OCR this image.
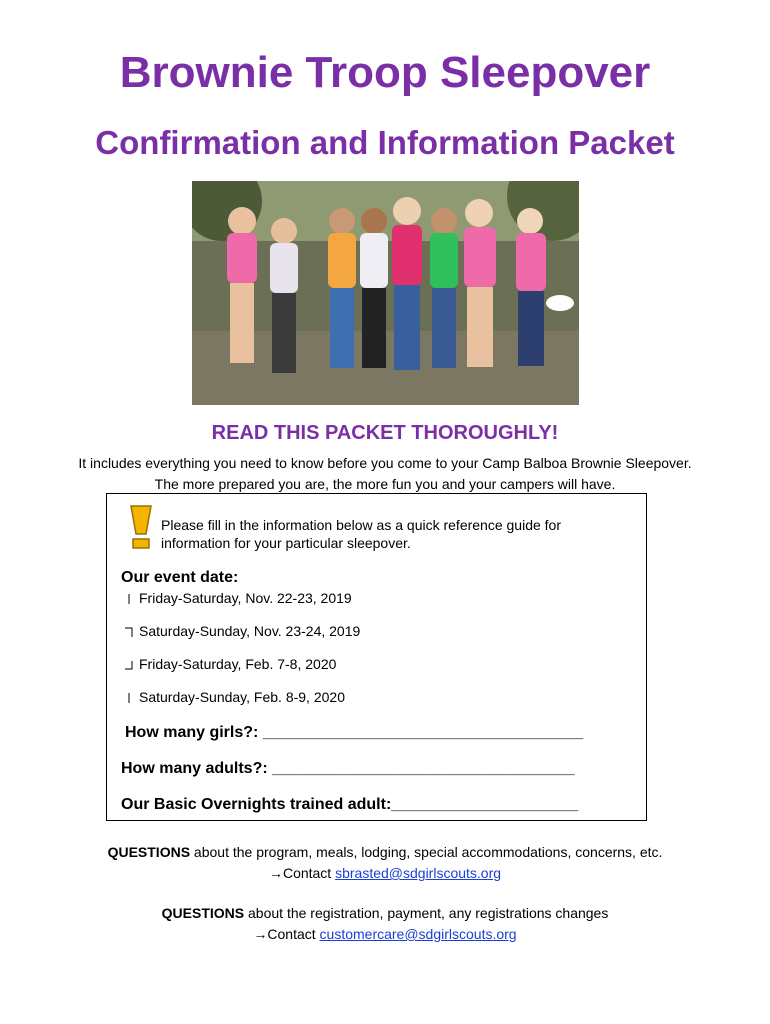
Brownie Troop Sleepover
Confirmation and Information Packet
READ THIS PACKET THOROUGHLY!
It includes everything you need to know before you come to your Camp Balboa Brownie Sleepover.
The more prepared you are, the more fun you and your campers will have.
Please fill in the information below as a quick reference guide for
information for your particular sleepover.
Our event date:
Friday-Saturday, Nov. 22-23, 2019
Saturday-Sunday, Nov. 23-24, 2019
Friday-Saturday, Feb. 7-8, 2020
Saturday-Sunday, Feb. 8-9, 2020
How many girls?: ____________________________________
How many adults?: __________________________________
Our Basic Overnights trained adult:_____________________
QUESTIONS about the program, meals, lodging, special accommodations, concerns, etc.
→Contact sbrasted@sdgirlscouts.org
QUESTIONS about the registration, payment, any registrations changes
→Contact customercare@sdgirlscouts.org
